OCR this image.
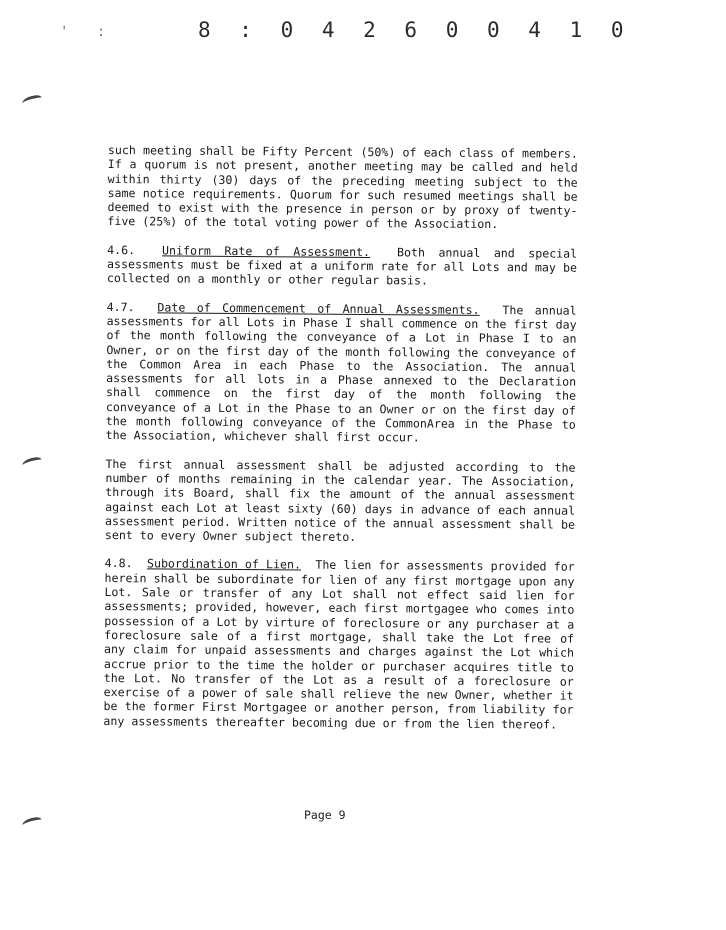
' :	8 : 0 4 2 6 0 0 4 1 0

such meeting shall be Fifty Percent (50%) of each class of members. If a quorum is not present, another meeting may be called and held within thirty (30) days of the preceding meeting subject to the same notice requirements. Quorum for such resumed meetings shall be deemed to exist with the presence in person or by proxy of twenty-five (25%) of the total voting power of the Association.

4.6. Uniform Rate of Assessment. Both annual and special assessments must be fixed at a uniform rate for all Lots and may be collected on a monthly or other regular basis.

4.7. Date of Commencement of Annual Assessments. The annual assessments for all Lots in Phase I shall commence on the first day of the month following the conveyance of a Lot in Phase I to an Owner, or on the first day of the month following the conveyance of the Common Area in each Phase to the Association. The annual assessments for all lots in a Phase annexed to the Declaration shall commence on the first day of the month following the conveyance of a Lot in the Phase to an Owner or on the first day of the month following conveyance of the CommonArea in the Phase to the Association, whichever shall first occur.

The first annual assessment shall be adjusted according to the number of months remaining in the calendar year. The Association, through its Board, shall fix the amount of the annual assessment against each Lot at least sixty (60) days in advance of each annual assessment period. Written notice of the annual assessment shall be sent to every Owner subject thereto.

4.8. Subordination of Lien. The lien for assessments provided for herein shall be subordinate for lien of any first mortgage upon any Lot. Sale or transfer of any Lot shall not effect said lien for assessments; provided, however, each first mortgagee who comes into possession of a Lot by virture of foreclosure or any purchaser at a foreclosure sale of a first mortgage, shall take the Lot free of any claim for unpaid assessments and charges against the Lot which accrue prior to the time the holder or purchaser acquires title to the Lot. No transfer of the Lot as a result of a foreclosure or exercise of a power of sale shall relieve the new Owner, whether it be the former First Mortgagee or another person, from liability for any assessments thereafter becoming due or from the lien thereof.

Page 9
